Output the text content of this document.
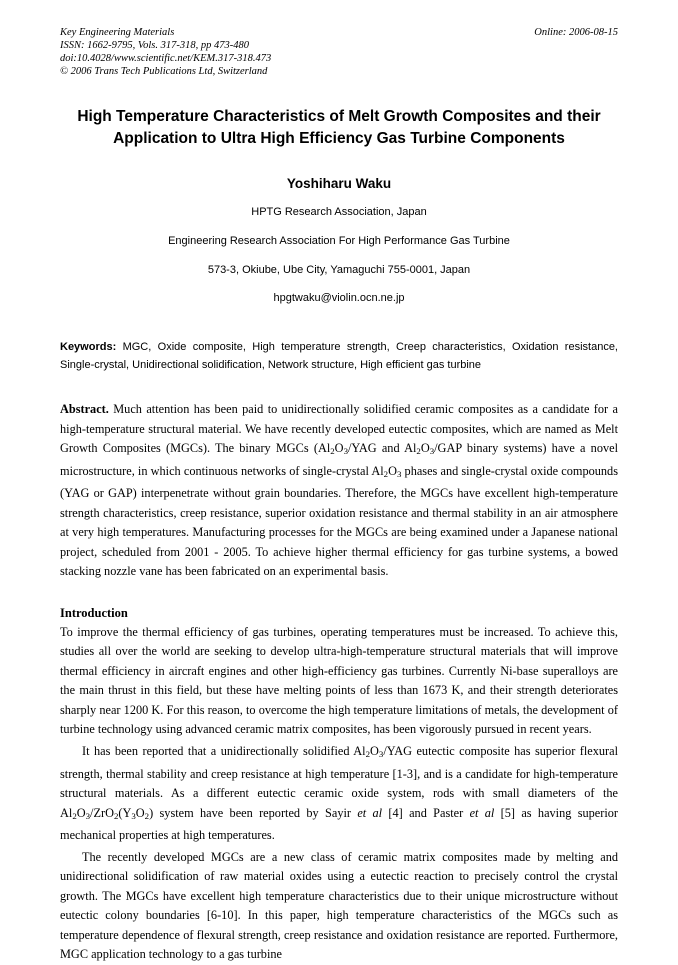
Key Engineering Materials
ISSN: 1662-9795, Vols. 317-318, pp 473-480
doi:10.4028/www.scientific.net/KEM.317-318.473
© 2006 Trans Tech Publications Ltd, Switzerland
Online: 2006-08-15
High Temperature Characteristics of Melt Growth Composites and their Application to Ultra High Efficiency Gas Turbine Components
Yoshiharu Waku
HPTG Research Association, Japan
Engineering Research Association For High Performance Gas Turbine
573-3, Okiube, Ube City, Yamaguchi 755-0001, Japan
hpgtwaku@violin.ocn.ne.jp
Keywords: MGC, Oxide composite, High temperature strength, Creep characteristics, Oxidation resistance, Single-crystal, Unidirectional solidification, Network structure, High efficient gas turbine
Abstract. Much attention has been paid to unidirectionally solidified ceramic composites as a candidate for a high-temperature structural material. We have recently developed eutectic composites, which are named as Melt Growth Composites (MGCs). The binary MGCs ($Al_2O_3$/YAG and $Al_2O_3$/GAP binary systems) have a novel microstructure, in which continuous networks of single-crystal $Al_2O_3$ phases and single-crystal oxide compounds (YAG or GAP) interpenetrate without grain boundaries. Therefore, the MGCs have excellent high-temperature strength characteristics, creep resistance, superior oxidation resistance and thermal stability in an air atmosphere at very high temperatures. Manufacturing processes for the MGCs are being examined under a Japanese national project, scheduled from 2001 - 2005. To achieve higher thermal efficiency for gas turbine systems, a bowed stacking nozzle vane has been fabricated on an experimental basis.
Introduction
To improve the thermal efficiency of gas turbines, operating temperatures must be increased. To achieve this, studies all over the world are seeking to develop ultra-high-temperature structural materials that will improve thermal efficiency in aircraft engines and other high-efficiency gas turbines. Currently Ni-base superalloys are the main thrust in this field, but these have melting points of less than 1673 K, and their strength deteriorates sharply near 1200 K. For this reason, to overcome the high temperature limitations of metals, the development of turbine technology using advanced ceramic matrix composites, has been vigorously pursued in recent years.
It has been reported that a unidirectionally solidified $Al_2O_3$/YAG eutectic composite has superior flexural strength, thermal stability and creep resistance at high temperature [1-3], and is a candidate for high-temperature structural materials. As a different eutectic ceramic oxide system, rods with small diameters of the $Al_2O_3/ZrO_2(Y_3O_2)$ system have been reported by Sayir et al [4] and Paster et al [5] as having superior mechanical properties at high temperatures.
The recently developed MGCs are a new class of ceramic matrix composites made by melting and unidirectional solidification of raw material oxides using a eutectic reaction to precisely control the crystal growth. The MGCs have excellent high temperature characteristics due to their unique microstructure without eutectic colony boundaries [6-10]. In this paper, high temperature characteristics of the MGCs such as temperature dependence of flexural strength, creep resistance and oxidation resistance are reported. Furthermore, MGC application technology to a gas turbine
